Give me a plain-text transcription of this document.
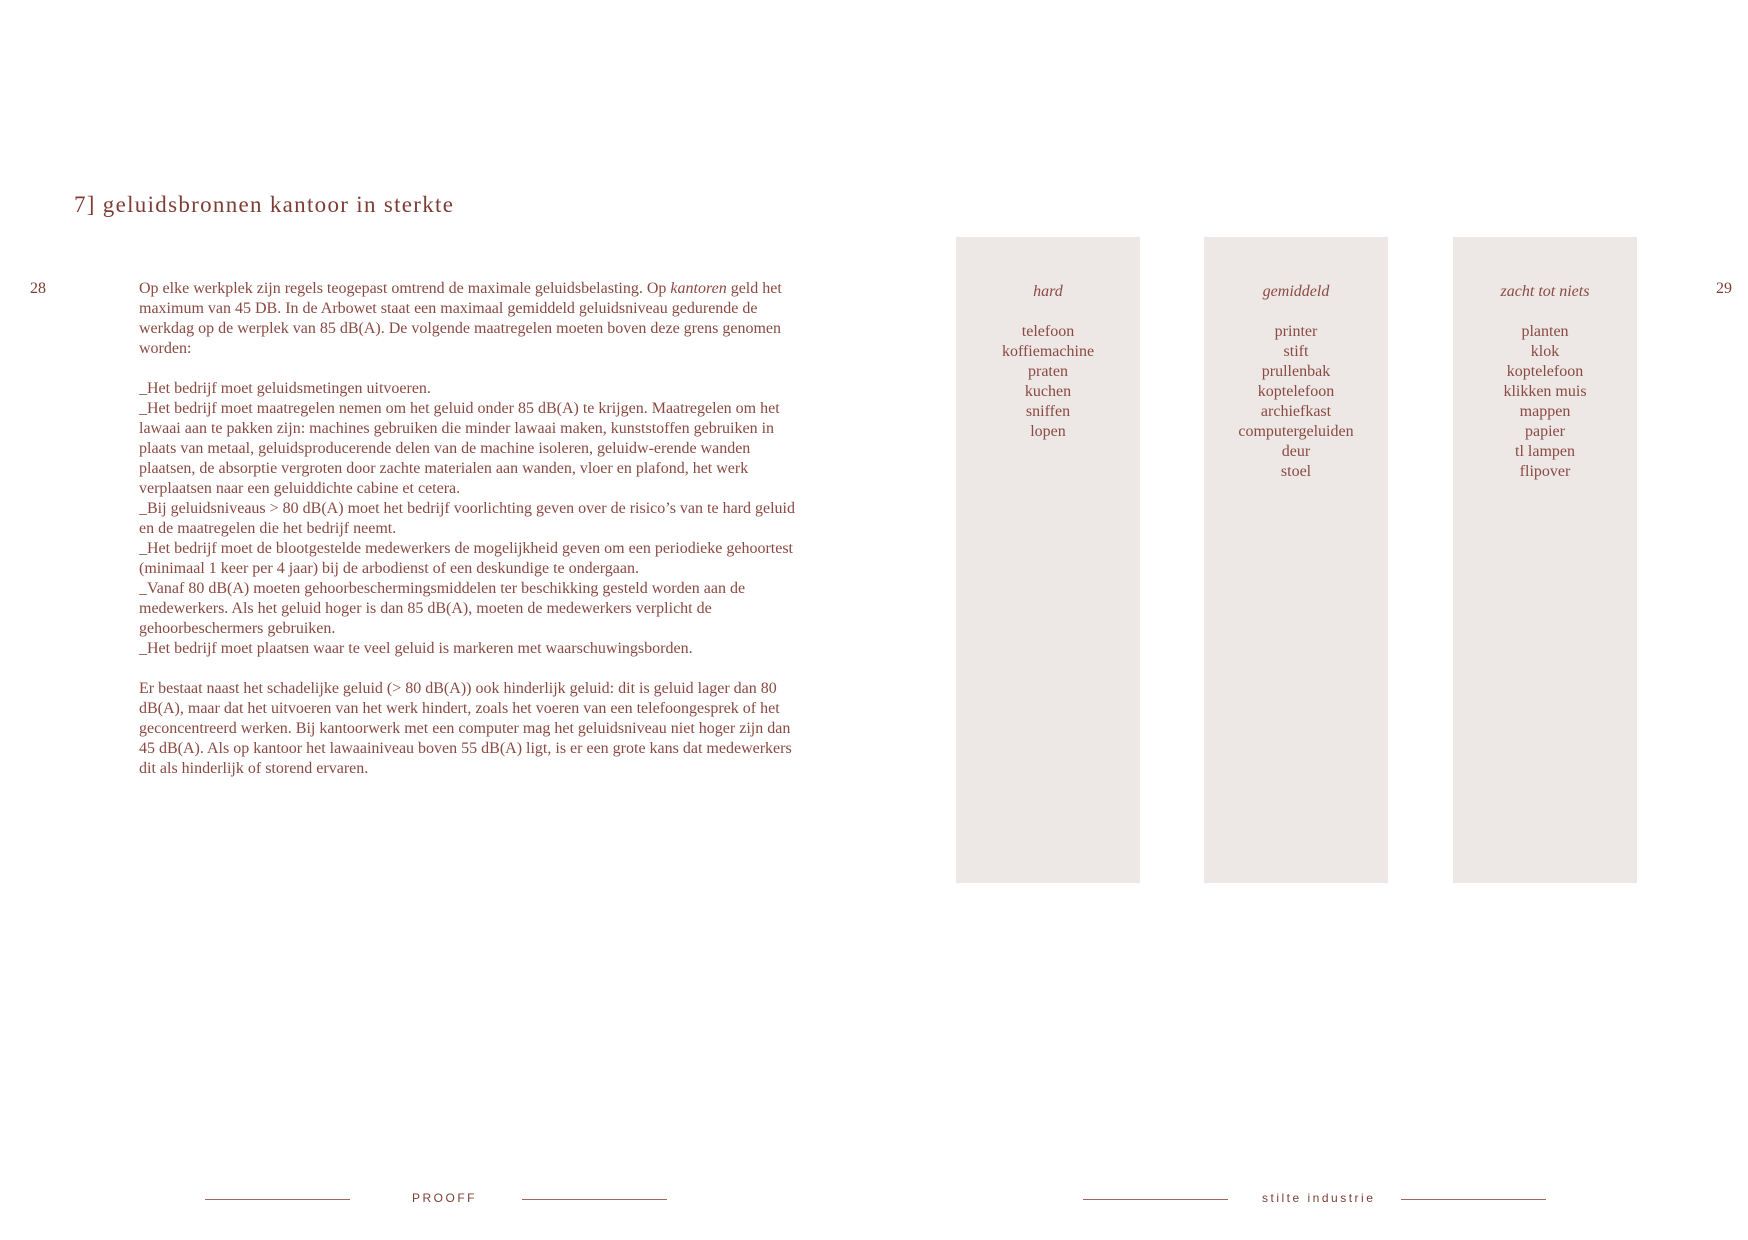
7] geluidsbronnen kantoor in sterkte
28	29

Op elke werkplek zijn regels teogepast omtrend de maximale geluidsbelasting. Op kantoren geld het maximum van 45 DB. In de Arbowet staat een maximaal gemiddeld geluidsniveau gedurende de werkdag op de werplek van 85 dB(A). De volgende maatregelen moeten boven deze grens genomen worden:

_Het bedrijf moet geluidsmetingen uitvoeren.

_Het bedrijf moet maatregelen nemen om het geluid onder 85 dB(A) te krijgen. Maatregelen om het lawaai aan te pakken zijn: machines gebruiken die minder lawaai maken, kunststoffen gebruiken in plaats van metaal, geluidsproducerende delen van de machine isoleren, geluidw-erende wanden plaatsen, de absorptie vergroten door zachte materialen aan wanden, vloer en plafond, het werk verplaatsen naar een geluiddichte cabine et cetera.

_Bij geluidsniveaus > 80 dB(A) moet het bedrijf voorlichting geven over de risico’s van te hard geluid en de maatregelen die het bedrijf neemt.

_Het bedrijf moet de blootgestelde medewerkers de mogelijkheid geven om een periodieke gehoortest (minimaal 1 keer per 4 jaar) bij de arbodienst of een deskundige te ondergaan.

_Vanaf 80 dB(A) moeten gehoorbeschermingsmiddelen ter beschikking gesteld worden aan de medewerkers. Als het geluid hoger is dan 85 dB(A), moeten de medewerkers verplicht de gehoorbeschermers gebruiken.

_Het bedrijf moet plaatsen waar te veel geluid is markeren met waarschuwingsborden.

Er bestaat naast het schadelijke geluid (> 80 dB(A)) ook hinderlijk geluid: dit is geluid lager dan 80 dB(A), maar dat het uitvoeren van het werk hindert, zoals het voeren van een telefoongesprek of het geconcentreerd werken. Bij kantoorwerk met een computer mag het geluidsniveau niet hoger zijn dan 45 dB(A). Als op kantoor het lawaainiveau boven 55 dB(A) ligt, is er een grote kans dat medewerkers dit als hinderlijk of storend ervaren.

hard
telefoon
koffiemachine
praten
kuchen
sniffen
lopen
gemiddeld
printer
stift
prullenbak
koptelefoon
archiefkast
computergeluiden
deur
stoel
zacht tot niets
planten
klok
koptelefoon
klikken muis
mappen
papier
tl lampen
flipover
PROOFF	stilte industrie
